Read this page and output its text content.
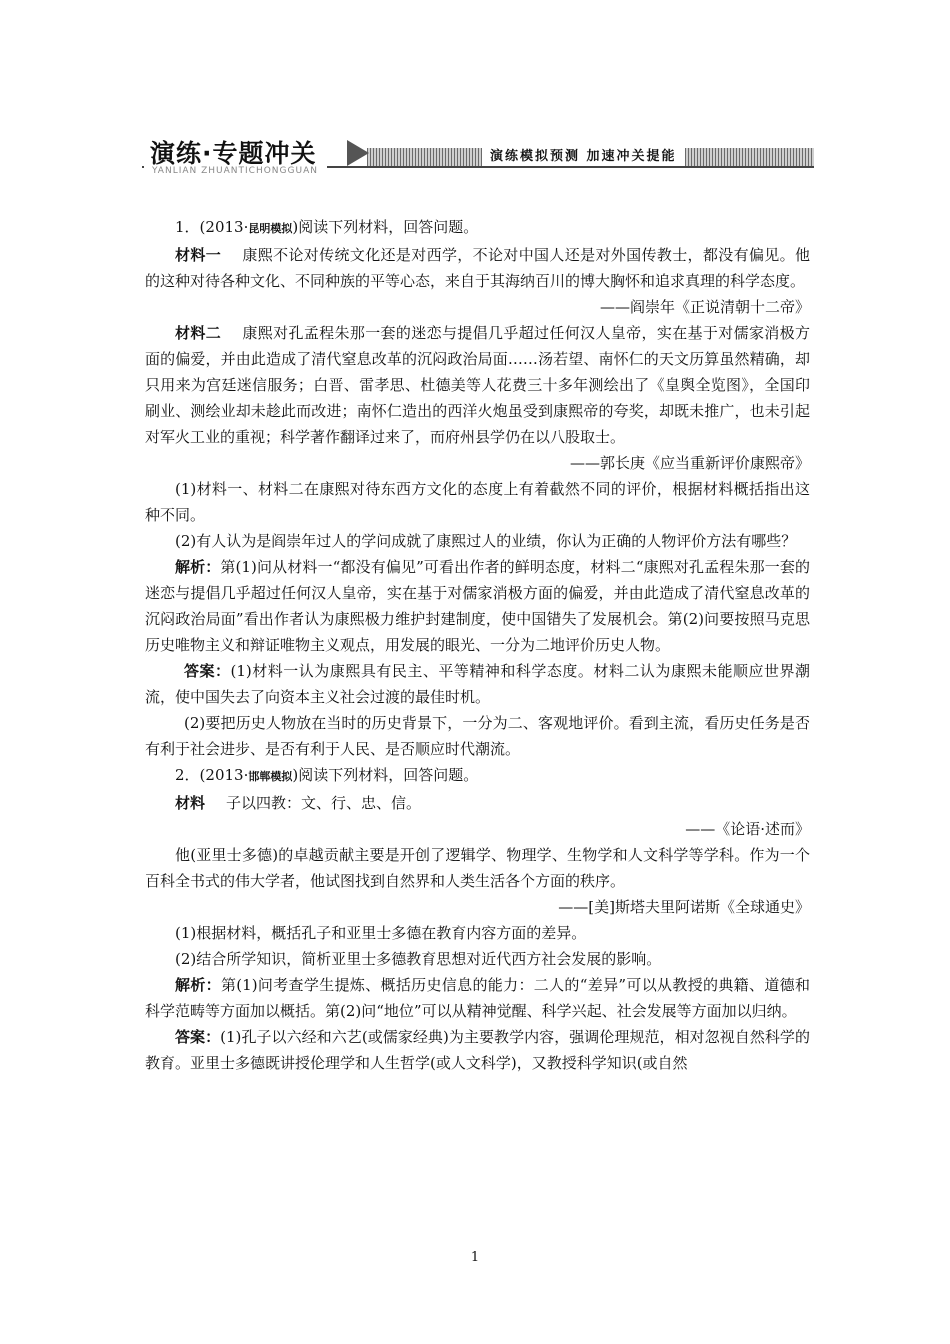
演练·专题冲关	演练模拟预测 加速冲关提能
YANLIAN ZHUANTICHONGGUAN

1．(2013·昆明模拟)阅读下列材料，回答问题。

材料一 康熙不论对传统文化还是对西学，不论对中国人还是对外国传教士，都没有偏见。他的这种对待各种文化、不同种族的平等心态，来自于其海纳百川的博大胸怀和追求真理的科学态度。

——阎崇年《正说清朝十二帝》

材料二 康熙对孔孟程朱那一套的迷恋与提倡几乎超过任何汉人皇帝，实在基于对儒家消极方面的偏爱，并由此造成了清代窒息改革的沉闷政治局面……汤若望、南怀仁的天文历算虽然精确，却只用来为宫廷迷信服务；白晋、雷孝思、杜德美等人花费三十多年测绘出了《皇舆全览图》，全国印刷业、测绘业却未趁此而改进；南怀仁造出的西洋火炮虽受到康熙帝的夸奖，却既未推广，也未引起对军火工业的重视；科学著作翻译过来了，而府州县学仍在以八股取士。

——郭长庚《应当重新评价康熙帝》

(1)材料一、材料二在康熙对待东西方文化的态度上有着截然不同的评价，根据材料概括指出这种不同。

(2)有人认为是阎崇年过人的学问成就了康熙过人的业绩，你认为正确的人物评价方法有哪些？

解析：第(1)问从材料一“都没有偏见”可看出作者的鲜明态度，材料二“康熙对孔孟程朱那一套的迷恋与提倡几乎超过任何汉人皇帝，实在基于对儒家消极方面的偏爱，并由此造成了清代窒息改革的沉闷政治局面”看出作者认为康熙极力维护封建制度，使中国错失了发展机会。第(2)问要按照马克思历史唯物主义和辩证唯物主义观点，用发展的眼光、一分为二地评价历史人物。

答案：(1)材料一认为康熙具有民主、平等精神和科学态度。材料二认为康熙未能顺应世界潮流，使中国失去了向资本主义社会过渡的最佳时机。

(2)要把历史人物放在当时的历史背景下，一分为二、客观地评价。看到主流，看历史任务是否有利于社会进步、是否有利于人民、是否顺应时代潮流。

2．(2013·邯郸模拟)阅读下列材料，回答问题。

材料 子以四教：文、行、忠、信。

——《论语·述而》

他(亚里士多德)的卓越贡献主要是开创了逻辑学、物理学、生物学和人文科学等学科。作为一个百科全书式的伟大学者，他试图找到自然界和人类生活各个方面的秩序。

——[美]斯塔夫里阿诺斯《全球通史》

(1)根据材料，概括孔子和亚里士多德在教育内容方面的差异。

(2)结合所学知识，简析亚里士多德教育思想对近代西方社会发展的影响。

解析：第(1)问考查学生提炼、概括历史信息的能力：二人的“差异”可以从教授的典籍、道德和科学范畴等方面加以概括。第(2)问“地位”可以从精神觉醒、科学兴起、社会发展等方面加以归纳。

答案：(1)孔子以六经和六艺(或儒家经典)为主要教学内容，强调伦理规范，相对忽视自然科学的教育。亚里士多德既讲授伦理学和人生哲学(或人文科学)，又教授科学知识(或自然

1
